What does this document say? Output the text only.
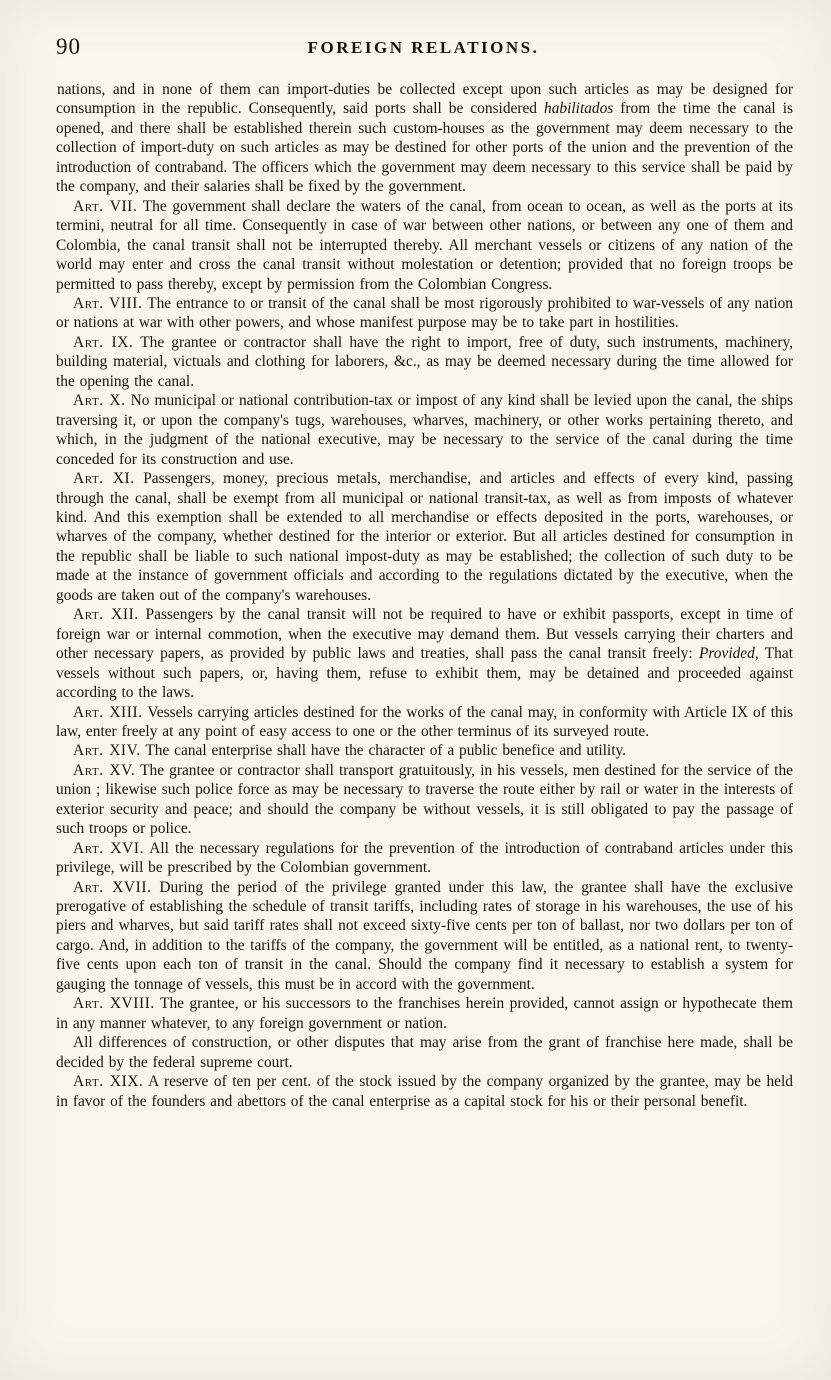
90	FOREIGN RELATIONS.

nations, and in none of them can import-duties be collected except upon such articles as may be designed for consumption in the republic. Consequently, said ports shall be considered habilitados from the time the canal is opened, and there shall be established therein such custom-houses as the government may deem necessary to the collection of import-duty on such articles as may be destined for other ports of the union and the prevention of the introduction of contraband. The officers which the government may deem necessary to this service shall be paid by the company, and their salaries shall be fixed by the government.

Art. VII. The government shall declare the waters of the canal, from ocean to ocean, as well as the ports at its termini, neutral for all time. Consequently in case of war between other nations, or between any one of them and Colombia, the canal transit shall not be interrupted thereby. All merchant vessels or citizens of any nation of the world may enter and cross the canal transit without molestation or detention; provided that no foreign troops be permitted to pass thereby, except by permission from the Colombian Congress.

Art. VIII. The entrance to or transit of the canal shall be most rigorously prohibited to war-vessels of any nation or nations at war with other powers, and whose manifest purpose may be to take part in hostilities.

Art. IX. The grantee or contractor shall have the right to import, free of duty, such instruments, machinery, building material, victuals and clothing for laborers, &c., as may be deemed necessary during the time allowed for the opening the canal.

Art. X. No municipal or national contribution-tax or impost of any kind shall be levied upon the canal, the ships traversing it, or upon the company's tugs, warehouses, wharves, machinery, or other works pertaining thereto, and which, in the judgment of the national executive, may be necessary to the service of the canal during the time conceded for its construction and use.

Art. XI. Passengers, money, precious metals, merchandise, and articles and effects of every kind, passing through the canal, shall be exempt from all municipal or national transit-tax, as well as from imposts of whatever kind. And this exemption shall be extended to all merchandise or effects deposited in the ports, warehouses, or wharves of the company, whether destined for the interior or exterior. But all articles destined for consumption in the republic shall be liable to such national impost-duty as may be established; the collection of such duty to be made at the instance of government officials and according to the regulations dictated by the executive, when the goods are taken out of the company's warehouses.

Art. XII. Passengers by the canal transit will not be required to have or exhibit passports, except in time of foreign war or internal commotion, when the executive may demand them. But vessels carrying their charters and other necessary papers, as provided by public laws and treaties, shall pass the canal transit freely: Provided, That vessels without such papers, or, having them, refuse to exhibit them, may be detained and proceeded against according to the laws.

Art. XIII. Vessels carrying articles destined for the works of the canal may, in conformity with Article IX of this law, enter freely at any point of easy access to one or the other terminus of its surveyed route.

Art. XIV. The canal enterprise shall have the character of a public benefice and utility.

Art. XV. The grantee or contractor shall transport gratuitously, in his vessels, men destined for the service of the union ; likewise such police force as may be necessary to traverse the route either by rail or water in the interests of exterior security and peace; and should the company be without vessels, it is still obligated to pay the passage of such troops or police.

Art. XVI. All the necessary regulations for the prevention of the introduction of contraband articles under this privilege, will be prescribed by the Colombian government.

Art. XVII. During the period of the privilege granted under this law, the grantee shall have the exclusive prerogative of establishing the schedule of transit tariffs, including rates of storage in his warehouses, the use of his piers and wharves, but said tariff rates shall not exceed sixty-five cents per ton of ballast, nor two dollars per ton of cargo. And, in addition to the tariffs of the company, the government will be entitled, as a national rent, to twenty-five cents upon each ton of transit in the canal. Should the company find it necessary to establish a system for gauging the tonnage of vessels, this must be in accord with the government.

Art. XVIII. The grantee, or his successors to the franchises herein provided, cannot assign or hypothecate them in any manner whatever, to any foreign government or nation.

All differences of construction, or other disputes that may arise from the grant of franchise here made, shall be decided by the federal supreme court.

Art. XIX. A reserve of ten per cent. of the stock issued by the company organized by the grantee, may be held in favor of the founders and abettors of the canal enterprise as a capital stock for his or their personal benefit.
